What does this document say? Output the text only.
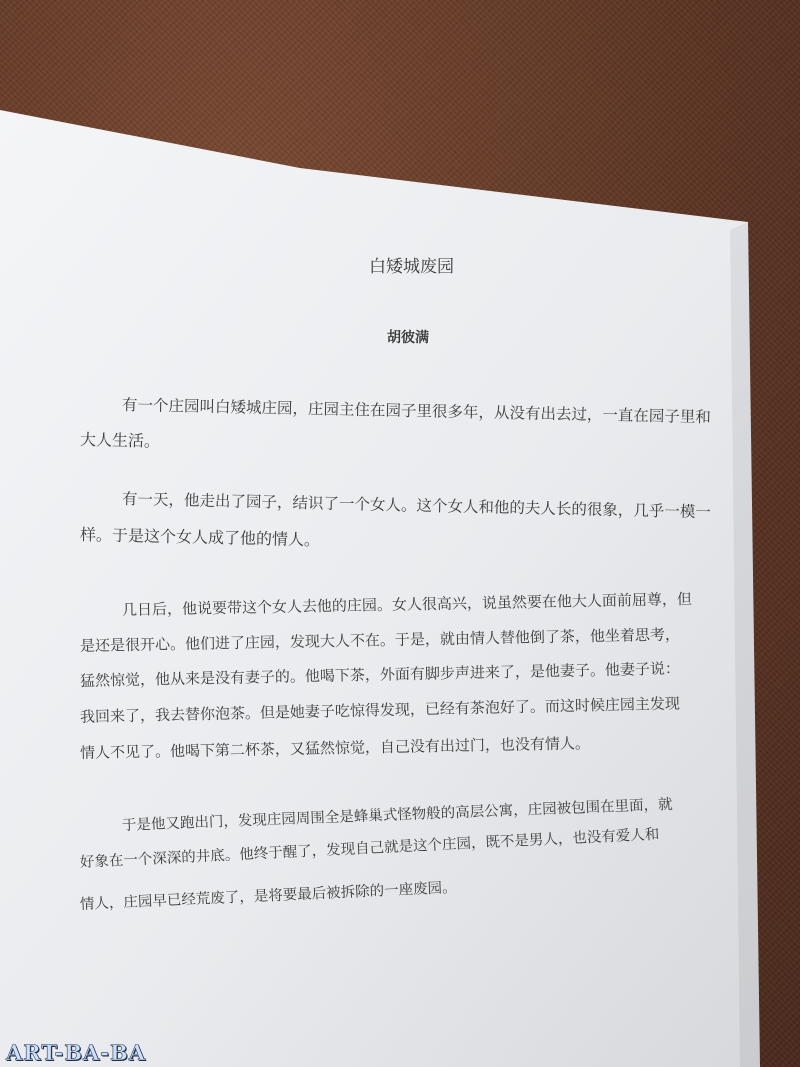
白矮城废园
胡彼满
有一个庄园叫白矮城庄园，庄园主住在园子里很多年，从没有出去过，一直在园子里和
大人生活。
有一天，他走出了园子，结识了一个女人。这个女人和他的夫人长的很象，几乎一模一
样。于是这个女人成了他的情人。
几日后，他说要带这个女人去他的庄园。女人很高兴，说虽然要在他大人面前屈尊，但
是还是很开心。他们进了庄园，发现大人不在。于是，就由情人替他倒了茶，他坐着思考，
猛然惊觉，他从来是没有妻子的。他喝下茶，外面有脚步声进来了，是他妻子。他妻子说：
我回来了，我去替你泡茶。但是她妻子吃惊得发现，已经有茶泡好了。而这时候庄园主发现
情人不见了。他喝下第二杯茶，又猛然惊觉，自己没有出过门，也没有情人。
于是他又跑出门，发现庄园周围全是蜂巢式怪物般的高层公寓，庄园被包围在里面，就
好象在一个深深的井底。他终于醒了，发现自己就是这个庄园，既不是男人，也没有爱人和
情人，庄园早已经荒废了，是将要最后被拆除的一座废园。
ART-BA-BA
